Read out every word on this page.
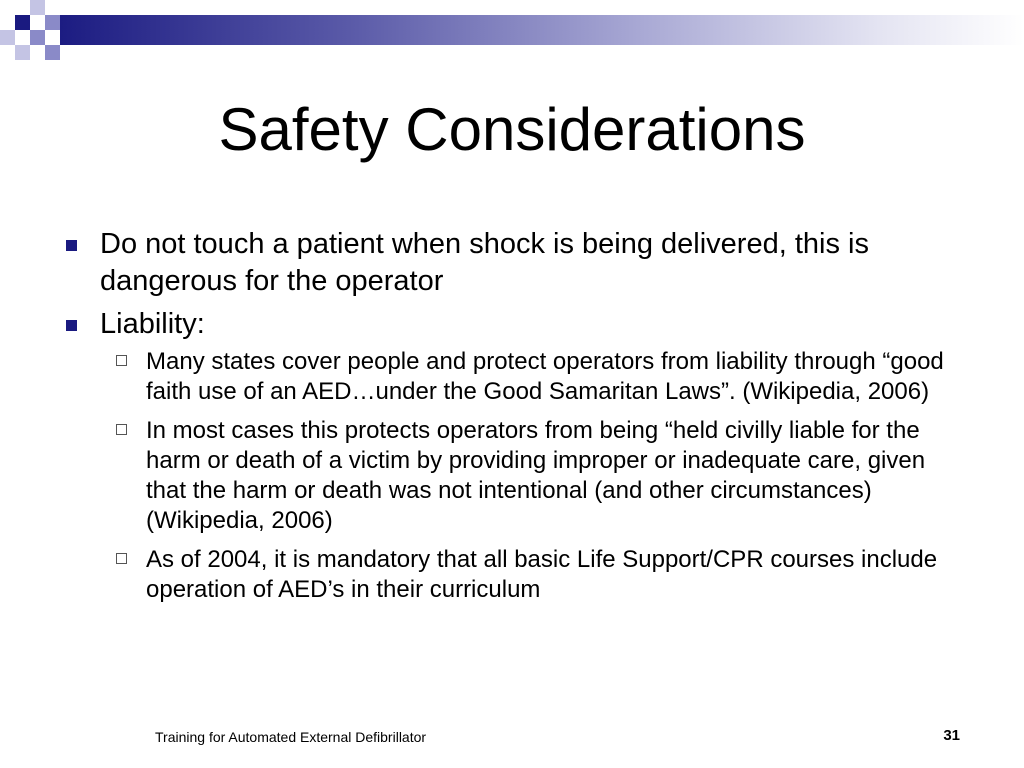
Safety Considerations
Do not touch a patient when shock is being delivered, this is dangerous for the operator
Liability:
Many states cover people and protect operators from liability through “good faith use of an AED…under the Good Samaritan Laws”. (Wikipedia, 2006)
In most cases this protects operators from being “held civilly liable for the harm or death of a victim by providing improper or inadequate care, given that the harm or death was not intentional (and other circumstances) (Wikipedia, 2006)
As of 2004, it is mandatory that all basic Life Support/CPR courses include operation of AED’s in their curriculum
Training for Automated External Defibrillator	31
